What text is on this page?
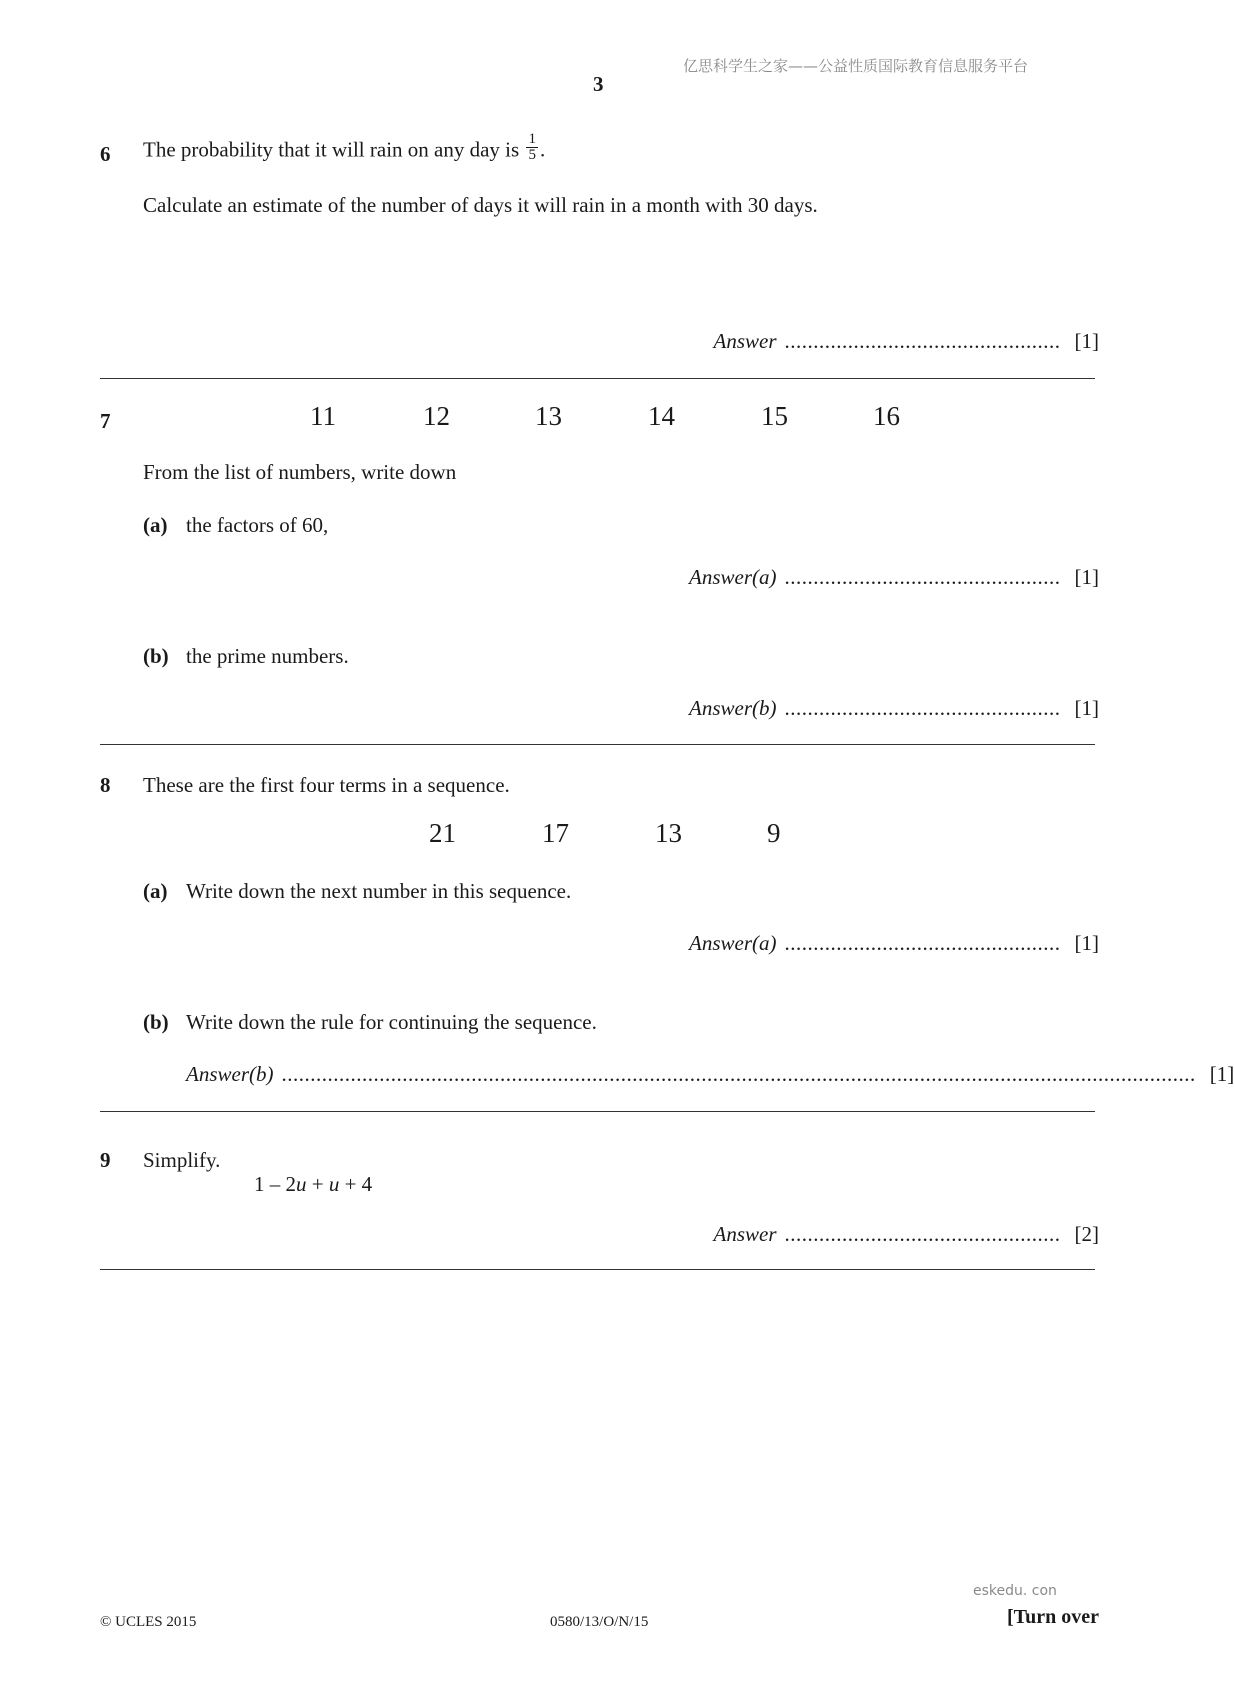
亿思科学生之家——公益性质国际教育信息服务平台
3
6 The probability that it will rain on any day is $\frac{1}{5}$ .
Calculate an estimate of the number of days it will rain in a month with 30 days.
Answer ................................................ [1]
7	11	12	13	14	15	16
From the list of numbers, write down
(a) the factors of 60,
Answer(a) ................................................ [1]
(b) the prime numbers.
Answer(b) ................................................ [1]
8 These are the first four terms in a sequence.
21	17	13	9
(a) Write down the next number in this sequence.
Answer(a) ................................................ [1]
(b) Write down the rule for continuing the sequence.
Answer(b) ............................................................................................................................................................... [1]
9 Simplify.
1 – 2u + u + 4
Answer ................................................ [2]
eskedu. con
© UCLES 2015	0580/13/O/N/15	[Turn over
